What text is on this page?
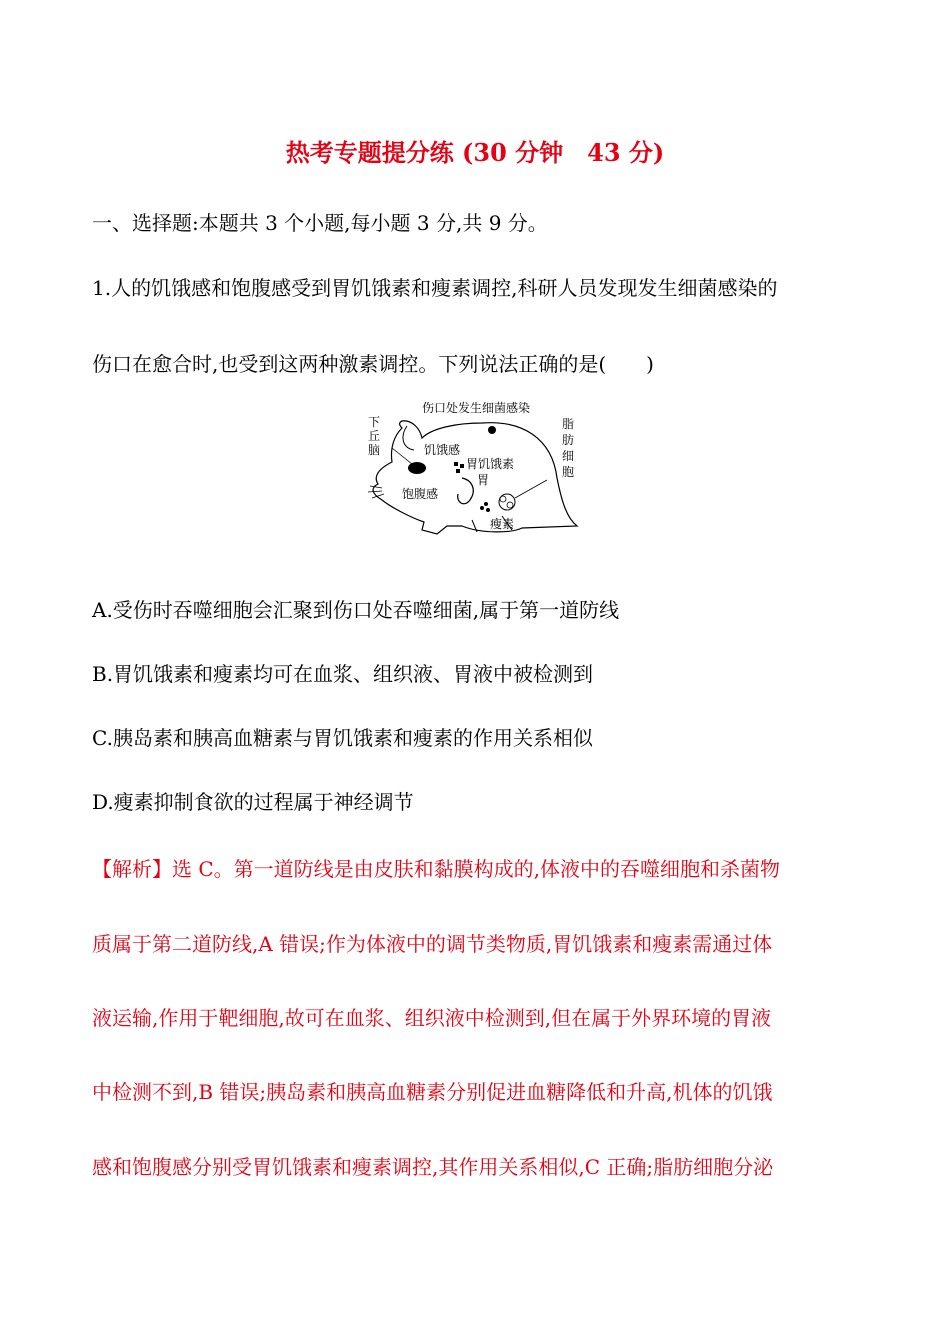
热考专题提分练 (30 分钟　43 分)
一、选择题:本题共 3 个小题,每小题 3 分,共 9 分。
1.人的饥饿感和饱腹感受到胃饥饿素和瘦素调控,科研人员发现发生细菌感染的
伤口在愈合时,也受到这两种激素调控。下列说法正确的是(　　)
伤口处发生细菌感染
下
丘
脑	饥饿感
胃饥饿素
胃
饱腹感
瘦素
脂
肪
细
胞
A.受伤时吞噬细胞会汇聚到伤口处吞噬细菌,属于第一道防线
B.胃饥饿素和瘦素均可在血浆、组织液、胃液中被检测到
C.胰岛素和胰高血糖素与胃饥饿素和瘦素的作用关系相似
D.瘦素抑制食欲的过程属于神经调节
【解析】选 C。第一道防线是由皮肤和黏膜构成的,体液中的吞噬细胞和杀菌物
质属于第二道防线,A 错误;作为体液中的调节类物质,胃饥饿素和瘦素需通过体
液运输,作用于靶细胞,故可在血浆、组织液中检测到,但在属于外界环境的胃液
中检测不到,B 错误;胰岛素和胰高血糖素分别促进血糖降低和升高,机体的饥饿
感和饱腹感分别受胃饥饿素和瘦素调控,其作用关系相似,C 正确;脂肪细胞分泌
